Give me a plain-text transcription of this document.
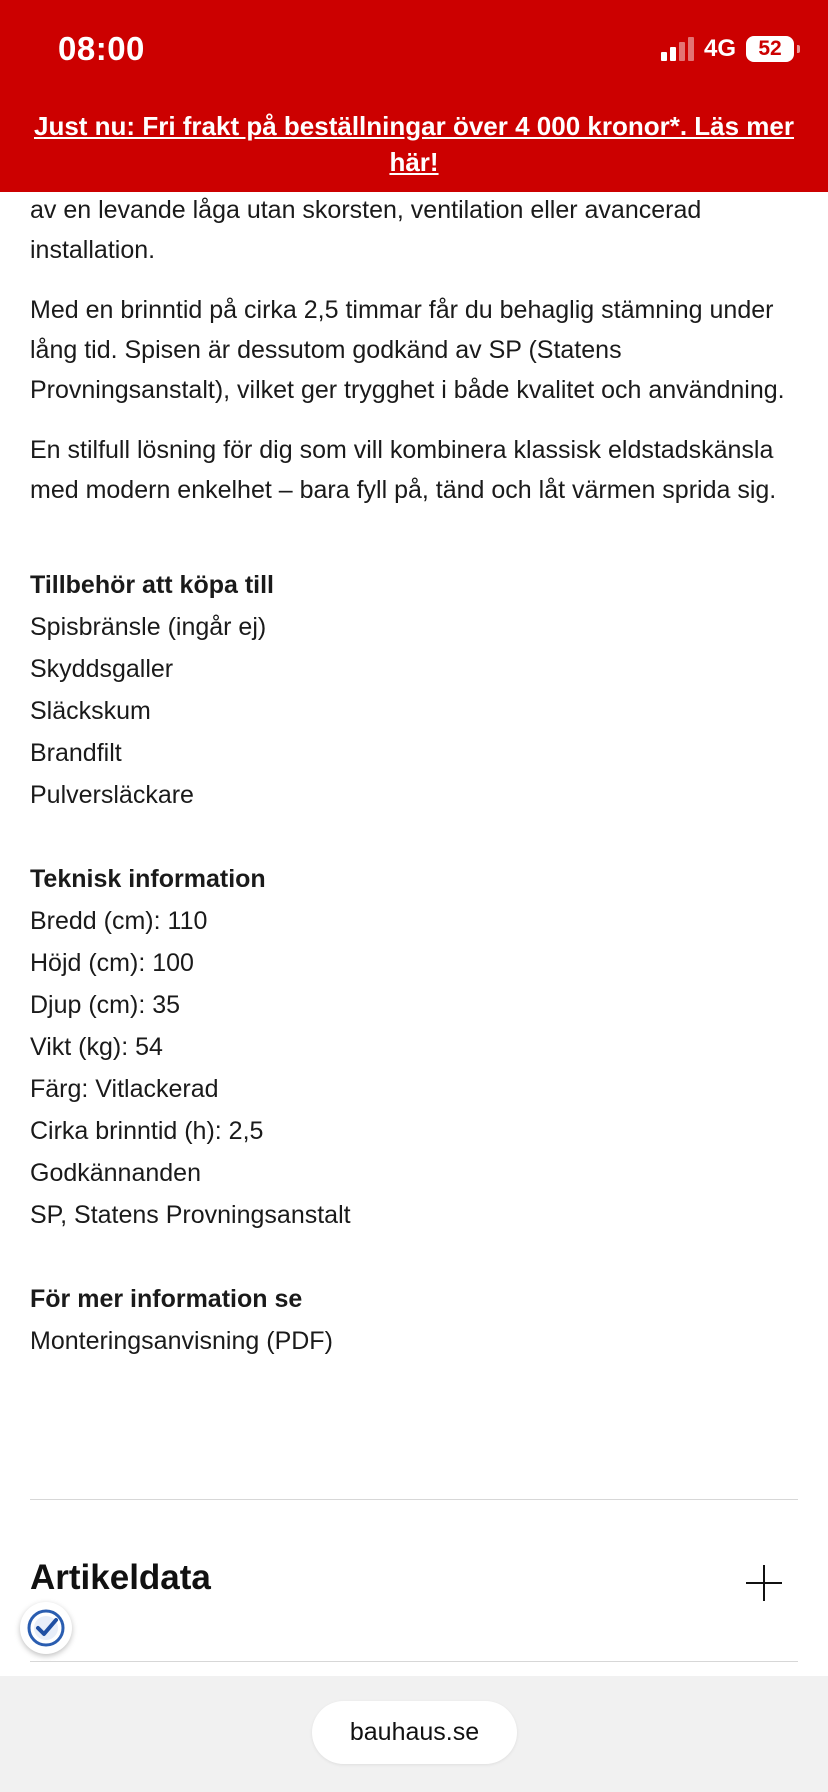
08:00	4G 52
Just nu: Fri frakt på beställningar över 4 000 kronor*. Läs mer här!

av en levande låga utan skorsten, ventilation eller avancerad installation.

Med en brinntid på cirka 2,5 timmar får du behaglig stämning under lång tid. Spisen är dessutom godkänd av SP (Statens Provningsanstalt), vilket ger trygghet i både kvalitet och användning.

En stilfull lösning för dig som vill kombinera klassisk eldstadskänsla med modern enkelhet – bara fyll på, tänd och låt värmen sprida sig.

Tillbehör att köpa till
Spisbränsle (ingår ej)
Skyddsgaller
Släckskum
Brandfilt
Pulversläckare
Teknisk information
Bredd (cm): 110
Höjd (cm): 100
Djup (cm): 35
Vikt (kg): 54
Färg: Vitlackerad
Cirka brinntid (h): 2,5
Godkännanden
SP, Statens Provningsanstalt
För mer information se
Monteringsanvisning (PDF)
Artikeldata
bauhaus.se
